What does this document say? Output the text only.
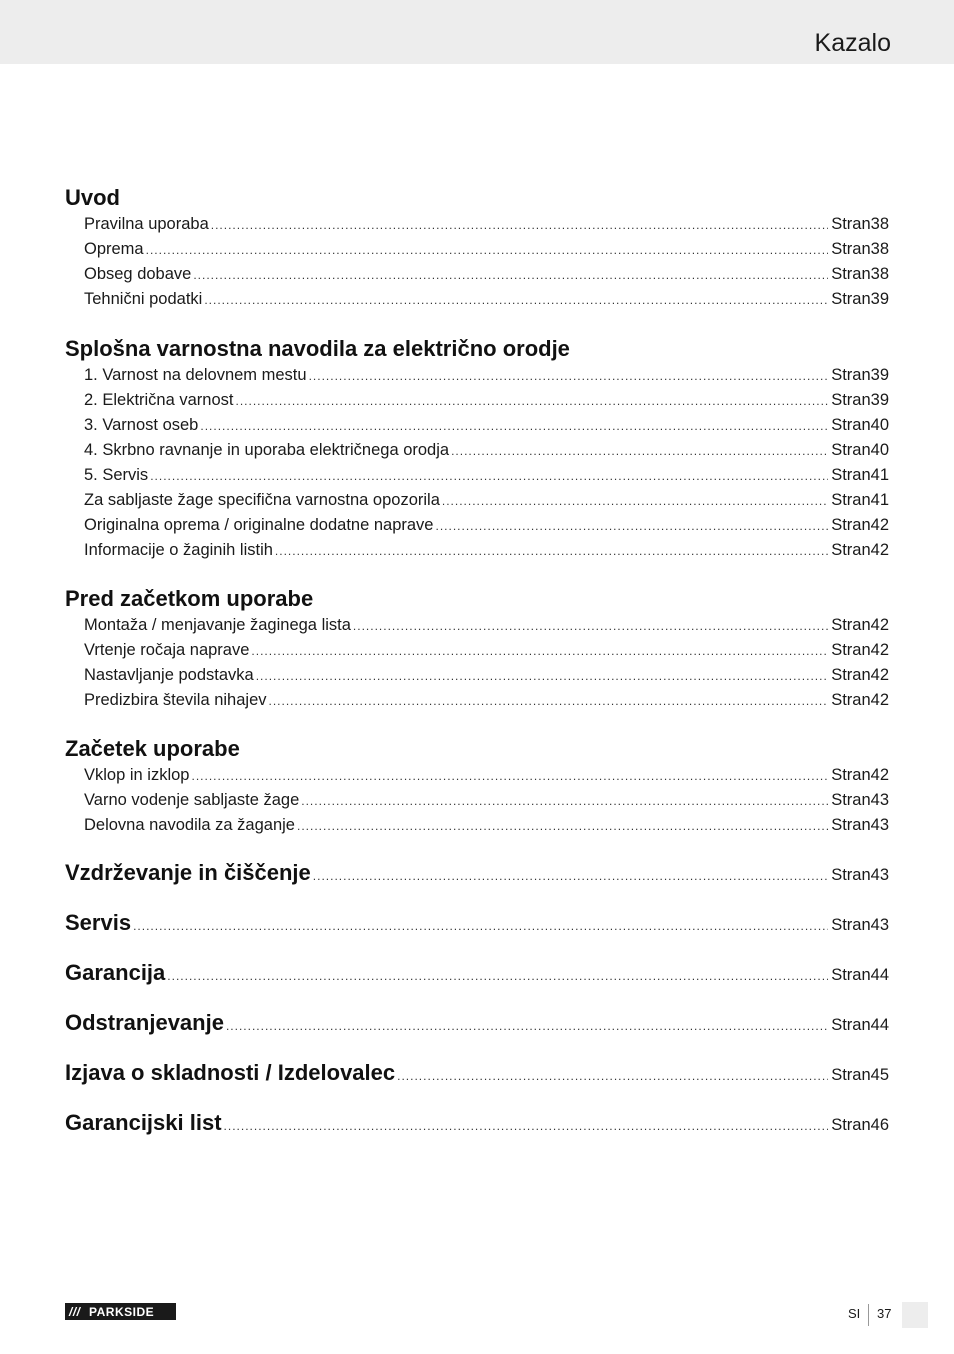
Kazalo
Uvod
Pravilna uporaba .....	Stran 38
Oprema .....	Stran 38
Obseg dobave .....	Stran 38
Tehnični podatki .....	Stran 39
Splošna varnostna navodila za električno orodje
1. Varnost na delovnem mestu .....	Stran 39
2. Električna varnost .....	Stran 39
3. Varnost oseb .....	Stran 40
4. Skrbno ravnanje in uporaba električnega orodja .....	Stran 40
5. Servis .....	Stran 41
Za sabljaste žage specifična varnostna opozorila .....	Stran 41
Originalna oprema / originalne dodatne naprave .....	Stran 42
Informacije o žaginih listih .....	Stran 42
Pred začetkom uporabe
Montaža / menjavanje žaginega lista .....	Stran 42
Vrtenje ročaja naprave .....	Stran 42
Nastavljanje podstavka .....	Stran 42
Predizbira števila nihajev .....	Stran 42
Začetek uporabe
Vklop in izklop .....	Stran 42
Varno vodenje sabljaste žage .....	Stran 43
Delovna navodila za žaganje .....	Stran 43
Vzdrževanje in čiščenje .....	Stran 43
Servis .....	Stran 43
Garancija .....	Stran 44
Odstranjevanje .....	Stran 44
Izjava o skladnosti / Izdelovalec .....	Stran 45
Garancijski list .....	Stran 46
/// PARKSIDE	SI 37
